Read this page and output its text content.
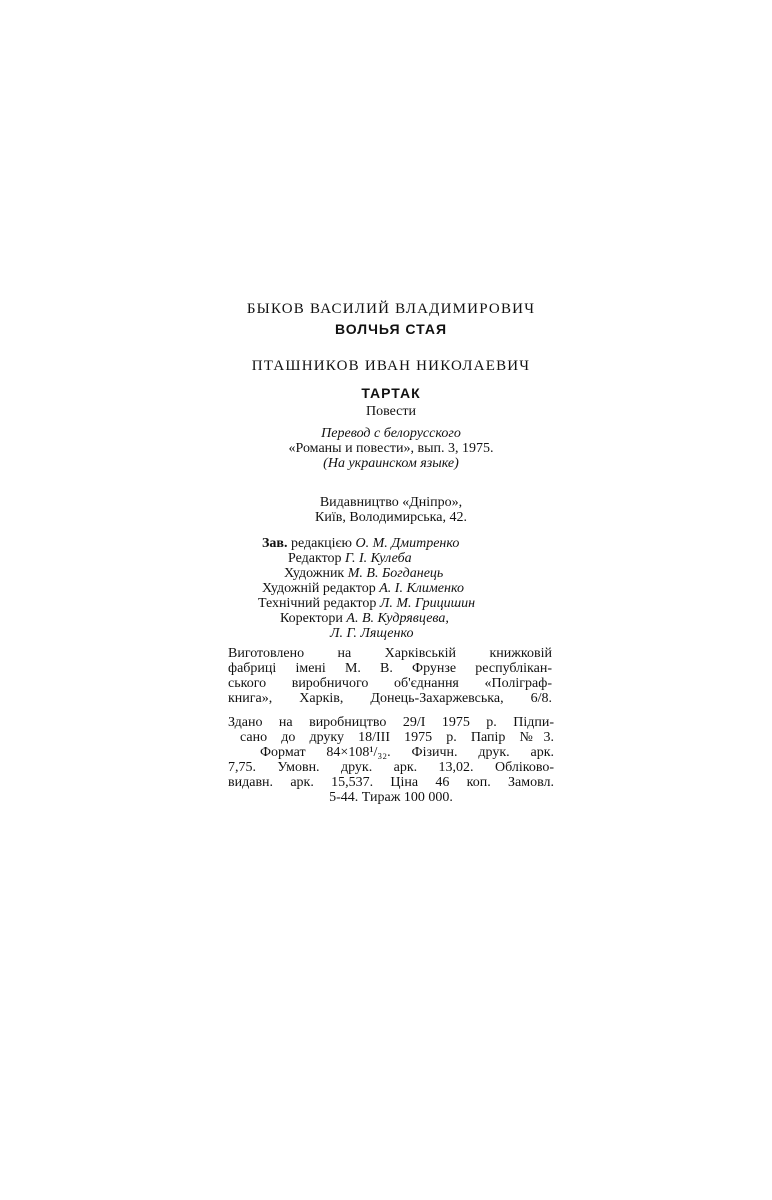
БЫКОВ ВАСИЛИЙ ВЛАДИМИРОВИЧ
ВОЛЧЬЯ СТАЯ
ПТАШНИКОВ ИВАН НИКОЛАЕВИЧ
ТАРТАК
Повести
Перевод с белорусского
«Романы и повести», вып. 3, 1975.
(На украинском языке)
Видавництво «Дніпро»,
Київ, Володимирська, 42.
Зав. редакцією О. М. Дмитренко
Редактор Г. І. Кулеба
Художник М. В. Богданець
Художній редактор А. І. Клименко
Технічний редактор Л. М. Грицишин
Коректори А. В. Кудрявцева,
Л. Г. Лященко
Виготовлено на Харківській книжковій
фабриці імені М. В. Фрунзе республікан-
ського виробничого об'єднання «Поліграф-
книга», Харків, Донець-Захаржевська, 6/8.
Здано на виробництво 29/І 1975 р. Підпи-
сано до друку 18/ІІІ 1975 р. Папір №3.
Формат 84×108¹/₃₂. Фізичн. друк. арк.
7,75. Умовн. друк. арк. 13,02. Обліково-
видавн. арк. 15,537. Ціна 46 коп. Замовл.
5-44. Тираж 100 000.
